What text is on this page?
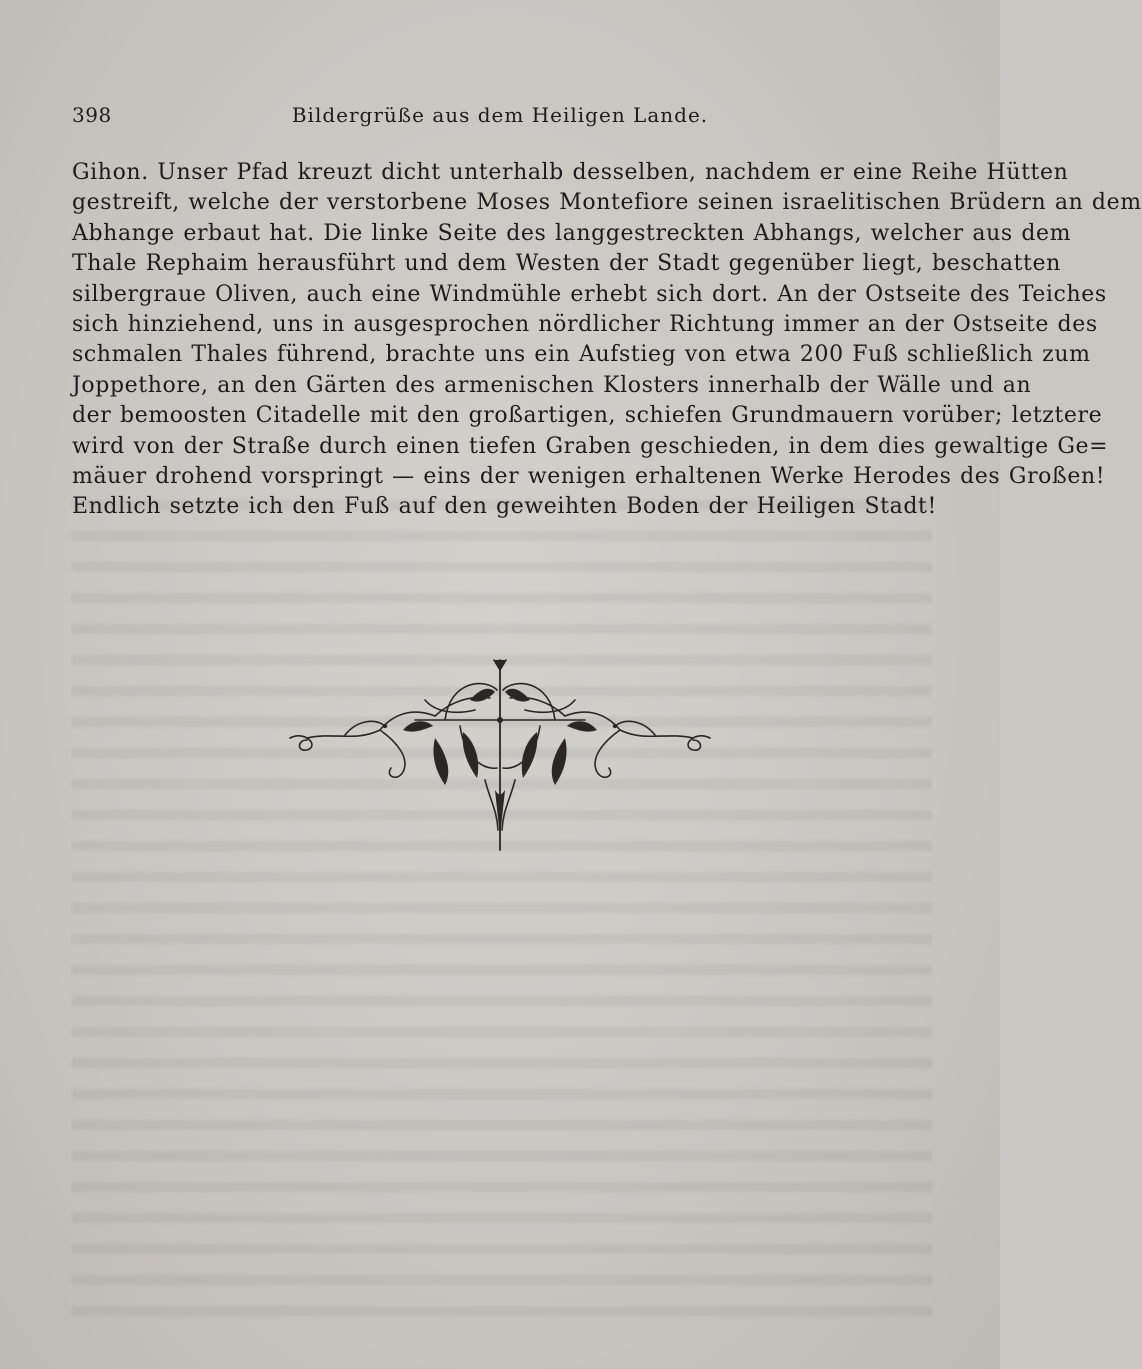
398	Bildergrüße aus dem Heiligen Lande.
Gihon. Unser Pfad kreuzt dicht unterhalb desselben, nachdem er eine Reihe Hütten
gestreift, welche der verstorbene Moses Montefiore seinen israelitischen Brüdern an dem
Abhange erbaut hat. Die linke Seite des langgestreckten Abhangs, welcher aus dem
Thale Rephaim herausführt und dem Westen der Stadt gegenüber liegt, beschatten
silbergraue Oliven, auch eine Windmühle erhebt sich dort. An der Ostseite des Teiches
sich hinziehend, uns in ausgesprochen nördlicher Richtung immer an der Ostseite des
schmalen Thales führend, brachte uns ein Aufstieg von etwa 200 Fuß schließlich zum
Joppethore, an den Gärten des armenischen Klosters innerhalb der Wälle und an
der bemoosten Citadelle mit den großartigen, schiefen Grundmauern vorüber; letztere
wird von der Straße durch einen tiefen Graben geschieden, in dem dies gewaltige Ge=
mäuer drohend vorspringt — eins der wenigen erhaltenen Werke Herodes des Großen!
Endlich setzte ich den Fuß auf den geweihten Boden der Heiligen Stadt!
